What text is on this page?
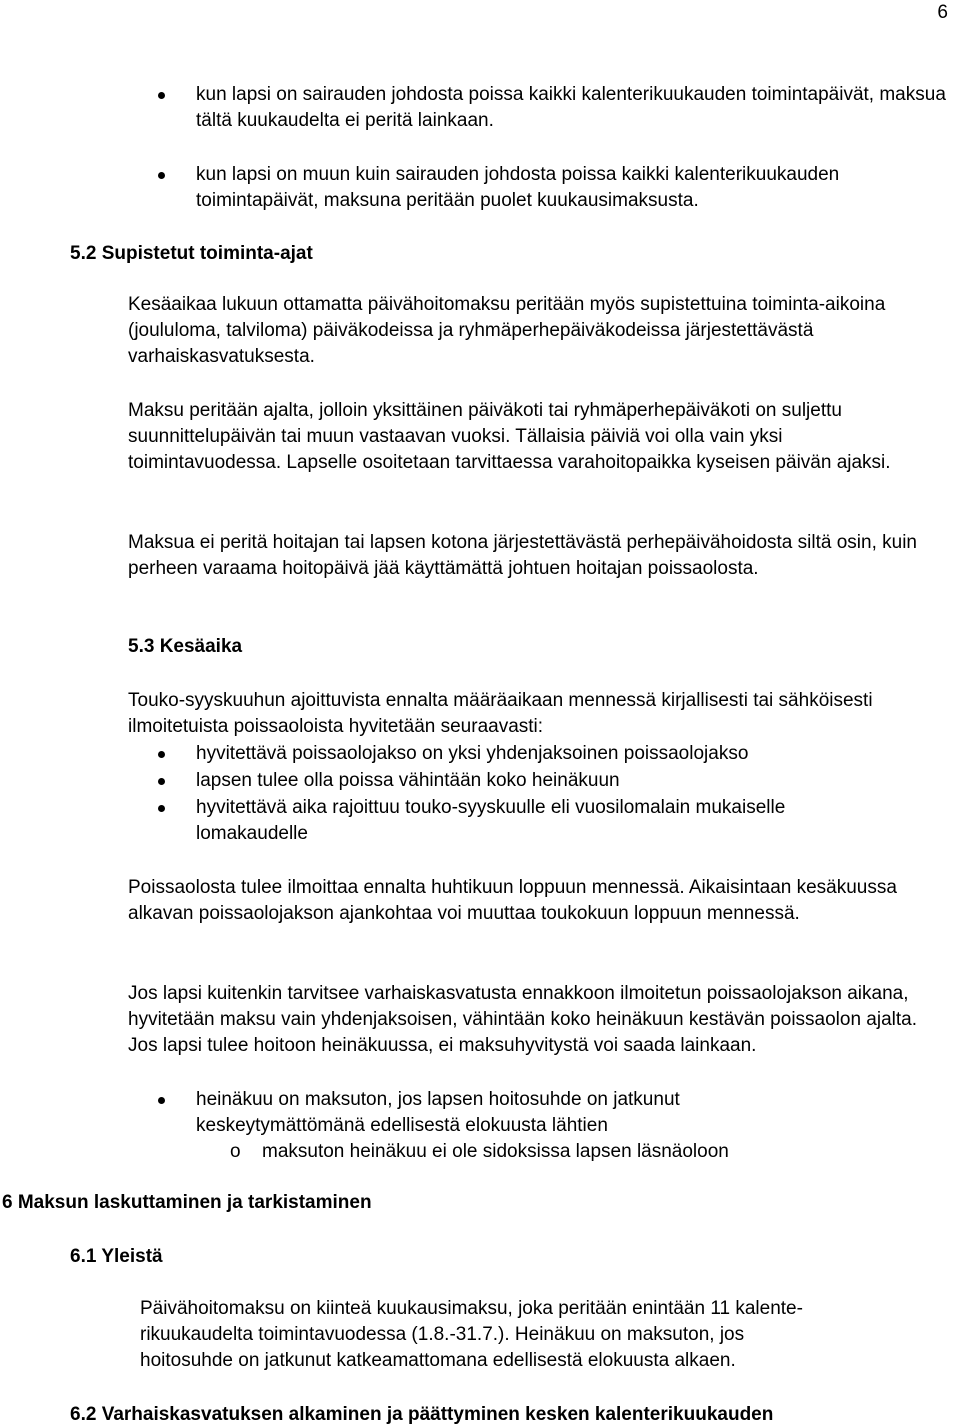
6
kun lapsi on sairauden johdosta poissa kaikki kalenterikuukauden toimintapäivät, maksua tältä kuukaudelta ei peritä lainkaan.
kun lapsi on muun kuin sairauden johdosta poissa kaikki kalenterikuukauden toimintapäivät, maksuna peritään puolet kuukausimaksusta.
5.2 Supistetut toiminta-ajat

Kesäaikaa lukuun ottamatta päivähoitomaksu peritään myös supistettuina toiminta-aikoina (joululoma, talviloma) päiväkodeissa ja ryhmäperhepäiväkodeissa järjestettävästä varhaiskasvatuksesta.

Maksu peritään ajalta, jolloin yksittäinen päiväkoti tai ryhmäperhepäiväkoti on suljettu suunnittelupäivän tai muun vastaavan vuoksi. Tällaisia päiviä voi olla vain yksi toimintavuodessa. Lapselle osoitetaan tarvittaessa varahoitopaikka kyseisen päivän ajaksi.

Maksua ei peritä hoitajan tai lapsen kotona järjestettävästä perhepäivähoidosta siltä osin, kuin perheen varaama hoitopäivä jää käyttämättä johtuen hoitajan poissaolosta.

5.3 Kesäaika

Touko-syyskuuhun ajoittuvista ennalta määräaikaan mennessä kirjallisesti tai sähköisesti ilmoitetuista poissaoloista hyvitetään seuraavasti:

hyvitettävä poissaolojakso on yksi yhdenjaksoinen poissaolojakso
lapsen tulee olla poissa vähintään koko heinäkuun
hyvitettävä aika rajoittuu touko-syyskuulle eli vuosilomalain mukaiselle lomakaudelle

Poissaolosta tulee ilmoittaa ennalta huhtikuun loppuun mennessä. Aikaisintaan kesäkuussa alkavan poissaolojakson ajankohtaa voi muuttaa toukokuun loppuun mennessä.

Jos lapsi kuitenkin tarvitsee varhaiskasvatusta ennakkoon ilmoitetun poissaolojakson aikana, hyvitetään maksu vain yhdenjaksoisen, vähintään koko heinäkuun kestävän poissaolon ajalta. Jos lapsi tulee hoitoon heinäkuussa, ei maksuhyvitystä voi saada lainkaan.

heinäkuu on maksuton, jos lapsen hoitosuhde on jatkunut keskeytymättömänä edellisestä elokuusta lähtien
o maksuton heinäkuu ei ole sidoksissa lapsen läsnäoloon
6 Maksun laskuttaminen ja tarkistaminen
6.1 Yleistä
Päivähoitomaksu on kiinteä kuukausimaksu, joka peritään enintään 11 kalente-
rikuukaudelta toimintavuodessa (1.8.-31.7.). Heinäkuu on maksuton, jos
hoitosuhde on jatkunut katkeamattomana edellisestä elokuusta alkaen.
6.2 Varhaiskasvatuksen alkaminen ja päättyminen kesken kalenterikuukauden
